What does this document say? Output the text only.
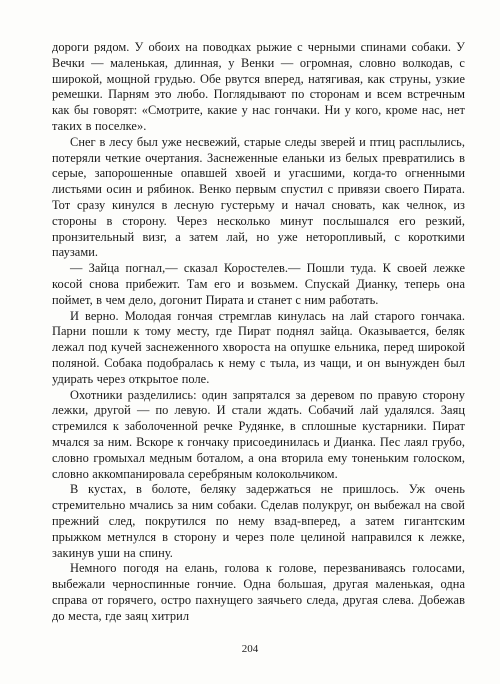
дороги рядом. У обоих на поводках рыжие с черными спинами собаки. У Вечки — маленькая, длинная, у Венки — огромная, словно волкодав, с широкой, мощной грудью. Обе рвутся вперед, натягивая, как струны, узкие ремешки. Парням это любо. Поглядывают по сторонам и всем встречным как бы говорят: «Смотрите, какие у нас гончаки. Ни у кого, кроме нас, нет таких в поселке».

Снег в лесу был уже несвежий, старые следы зверей и птиц расплылись, потеряли четкие очертания. Заснеженные еланьки из белых превратились в серые, запорошенные опавшей хвоей и угасшими, когда-то огненными листьями осин и рябинок. Венко первым спустил с привязи своего Пирата. Тот сразу кинулся в лесную густерьму и начал сновать, как челнок, из стороны в сторону. Через несколько минут послышался его резкий, пронзительный визг, а затем лай, но уже неторопливый, с короткими паузами.

— Зайца погнал,— сказал Коростелев.— Пошли туда. К своей лежке косой снова прибежит. Там его и возьмем. Спускай Дианку, теперь она поймет, в чем дело, догонит Пирата и станет с ним работать.

И верно. Молодая гончая стремглав кинулась на лай старого гончака. Парни пошли к тому месту, где Пират поднял зайца. Оказывается, беляк лежал под кучей заснеженного хвороста на опушке ельника, перед широкой поляной. Собака подобралась к нему с тыла, из чащи, и он вынужден был удирать через открытое поле.

Охотники разделились: один запрятался за деревом по правую сторону лежки, другой — по левую. И стали ждать. Собачий лай удалялся. Заяц стремился к заболоченной речке Рудянке, в сплошные кустарники. Пират мчался за ним. Вскоре к гончаку присоединилась и Дианка. Пес лаял грубо, словно громыхал медным боталом, а она вторила ему тоненьким голоском, словно аккомпанировала серебряным колокольчиком.

В кустах, в болоте, беляку задержаться не пришлось. Уж очень стремительно мчались за ним собаки. Сделав полукруг, он выбежал на свой прежний след, покрутился по нему взад-вперед, а затем гигантским прыжком метнулся в сторону и через поле целиной направился к лежке, закинув уши на спину.

Немного погодя на елань, голова к голове, перезваниваясь голосами, выбежали черноспинные гончие. Одна большая, другая маленькая, одна справа от горячего, острo пахнущего заячьего следа, другая слева. Добежав до места, где заяц хитрил

204
